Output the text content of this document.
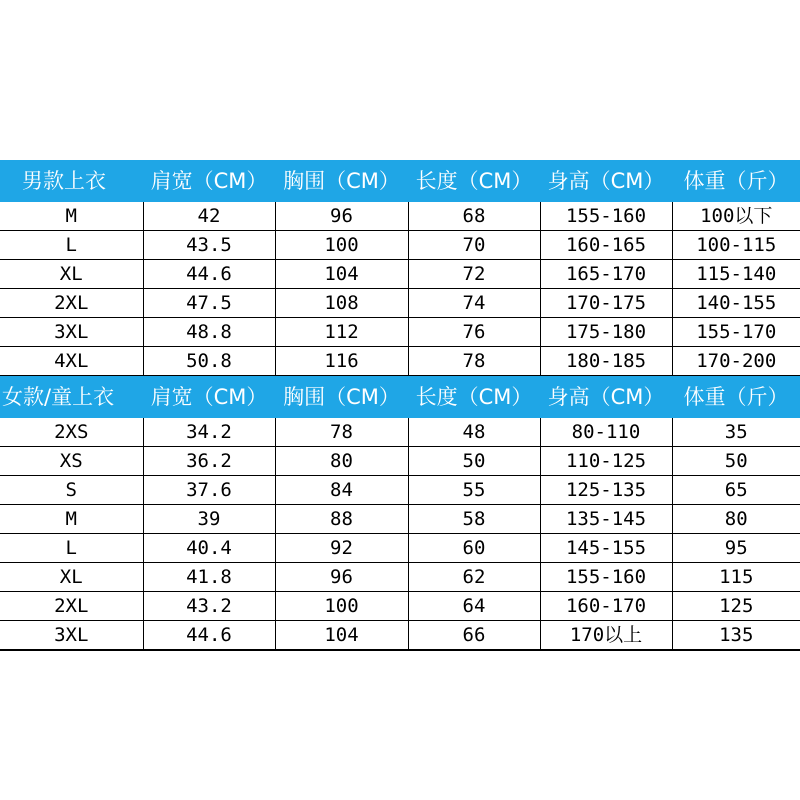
男款上衣	肩宽（CM）	胸围（CM）	长度（CM）	身高（CM）	体重（斤）
M	42	96	68	155-160	100以下
L	43.5	100	70	160-165	100-115
XL	44.6	104	72	165-170	115-140
2XL	47.5	108	74	170-175	140-155
3XL	48.8	112	76	175-180	155-170
4XL	50.8	116	78	180-185	170-200
女款/童上衣	肩宽（CM）	胸围（CM）	长度（CM）	身高（CM）	体重（斤）
2XS	34.2	78	48	80-110	35
XS	36.2	80	50	110-125	50
S	37.6	84	55	125-135	65
M	39	88	58	135-145	80
L	40.4	92	60	145-155	95
XL	41.8	96	62	155-160	115
2XL	43.2	100	64	160-170	125
3XL	44.6	104	66	170以上	135
